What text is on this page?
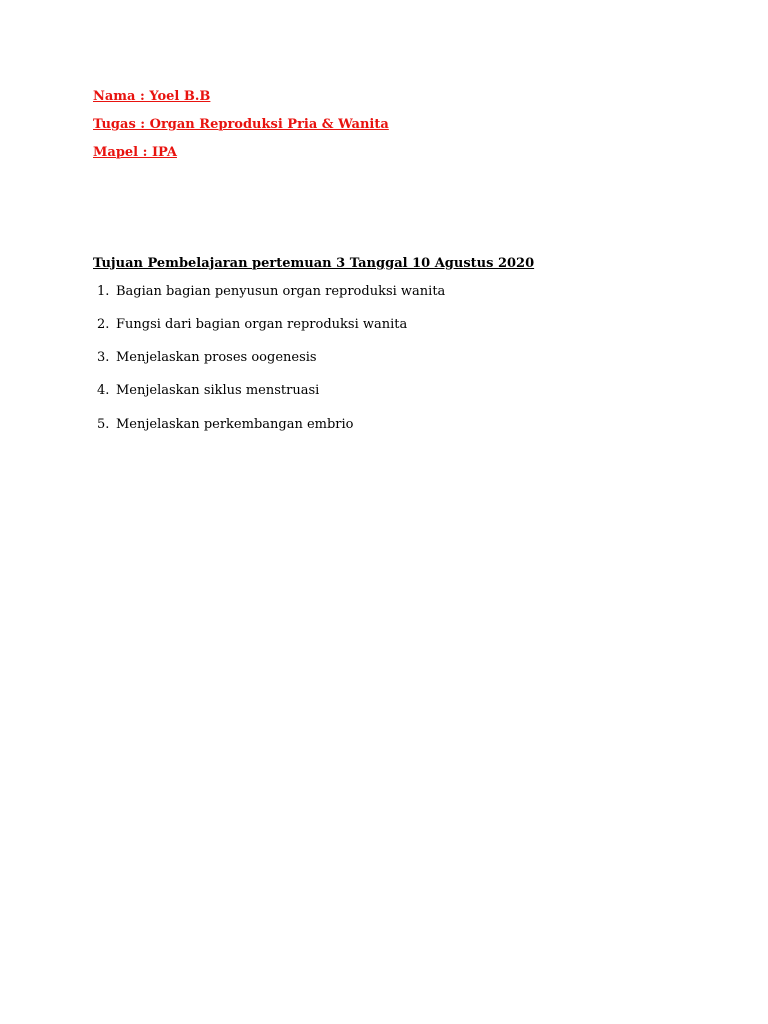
Nama : Yoel B.B

Tugas : Organ Reproduksi Pria & Wanita

Mapel : IPA

Tujuan Pembelajaran pertemuan 3 Tanggal 10 Agustus 2020

1. Bagian bagian penyusun organ reproduksi wanita
2. Fungsi dari bagian organ reproduksi wanita
3. Menjelaskan proses oogenesis
4. Menjelaskan siklus menstruasi
5. Menjelaskan perkembangan embrio
